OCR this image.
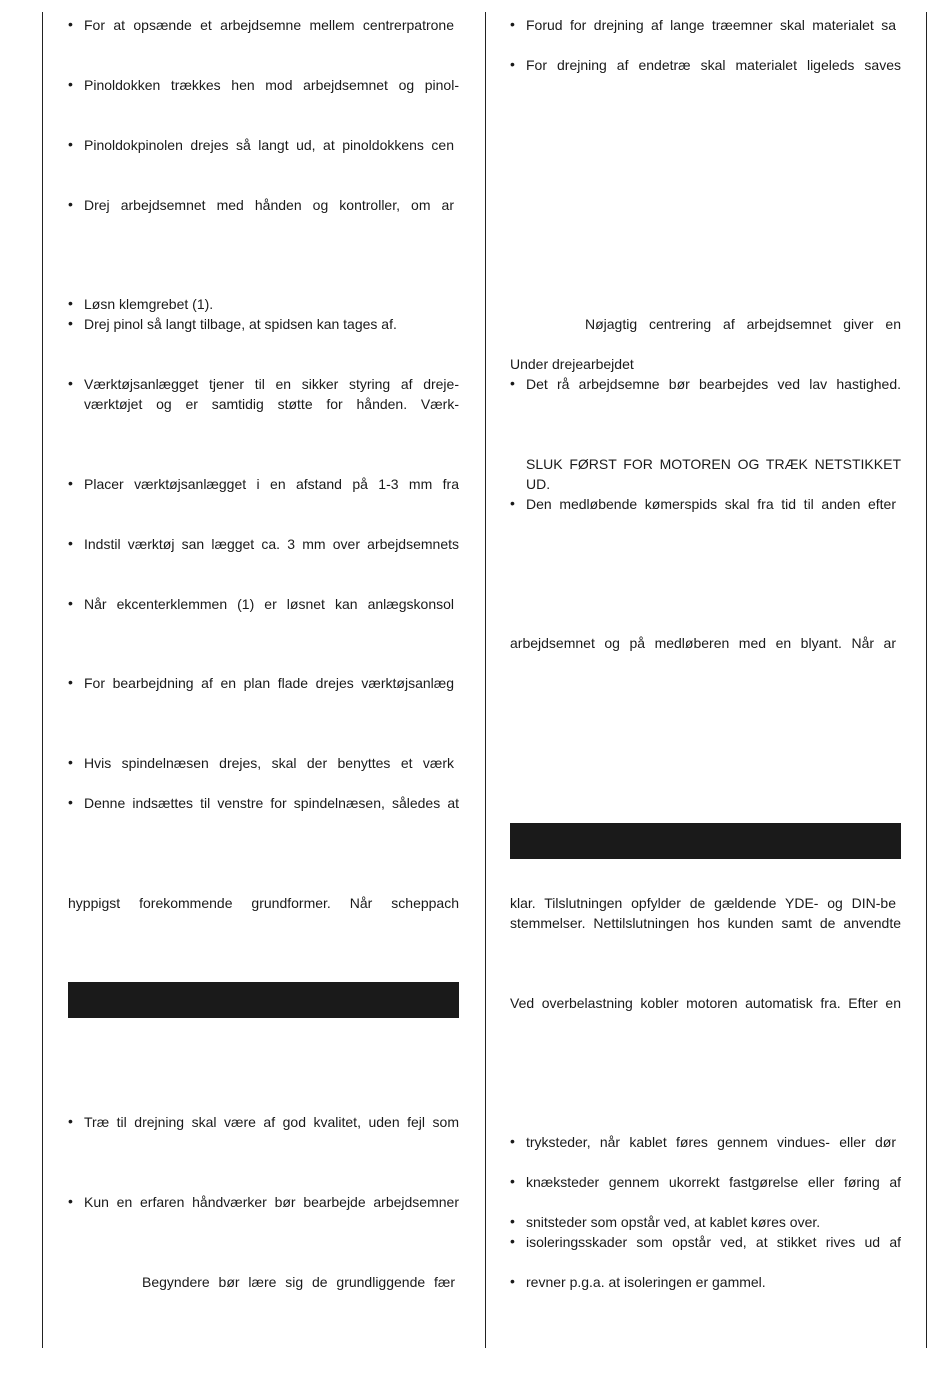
• For at opsænde et arbejdsemne mellem centrerpatrone
• Pinoldokken trækkes hen mod arbejdsemnet og pinol-
• Pinoldokpinolen drejes så langt ud, at pinoldokkens cen
• Drej arbejdsemnet med hånden og kontroller, om ar
• Løsn klemgrebet (1).
• Drej pinol så langt tilbage, at spidsen kan tages af.
• Værktøjsanlægget tjener til en sikker styring af dreje-
værktøjet og er samtidig støtte for hånden. Værk-
• Placer værktøjsanlægget i en afstand på 1-3 mm fra
• Indstil værktøj san lægget ca. 3 mm over arbejdsemnets
• Når ekcenterklemmen (1) er løsnet kan anlægskonsol
• For bearbejdning af en plan flade drejes værktøjsanlæg
• Hvis spindelnæsen drejes, skal der benyttes et værk
• Denne indsættes til venstre for spindelnæsen, således at
hyppigst forekommende grundformer. Når scheppach
• Træ til drejning skal være af god kvalitet, uden fejl som
• Kun en erfaren håndværker bør bearbejde arbejdsemner
Begyndere bør lære sig de grundliggende fær
• Forud for drejning af lange træemner skal materialet sa
• For drejning af endetræ skal materialet ligeleds saves
Nøjagtig centrering af arbejdsemnet giver en
Under drejearbejdet
• Det rå arbejdsemne bør bearbejdes ved lav hastighed.
SLUK FØRST FOR MOTOREN OG TRÆK NETSTIKKET
UD.
• Den medløbende kømerspids skal fra tid til anden efter
arbejdsemnet og på medløberen med en blyant. Når ar
klar. Tilslutningen opfylder de gældende YDE- og DIN-be
stemmelser. Nettilslutningen hos kunden samt de anvendte
Ved overbelastning kobler motoren automatisk fra. Efter en
• tryksteder, når kablet føres gennem vindues- eller dør
• knæksteder gennem ukorrekt fastgørelse eller føring af
• snitsteder som opstår ved, at kablet køres over.
• isoleringsskader som opstår ved, at stikket rives ud af
• revner p.g.a. at isoleringen er gammel.
